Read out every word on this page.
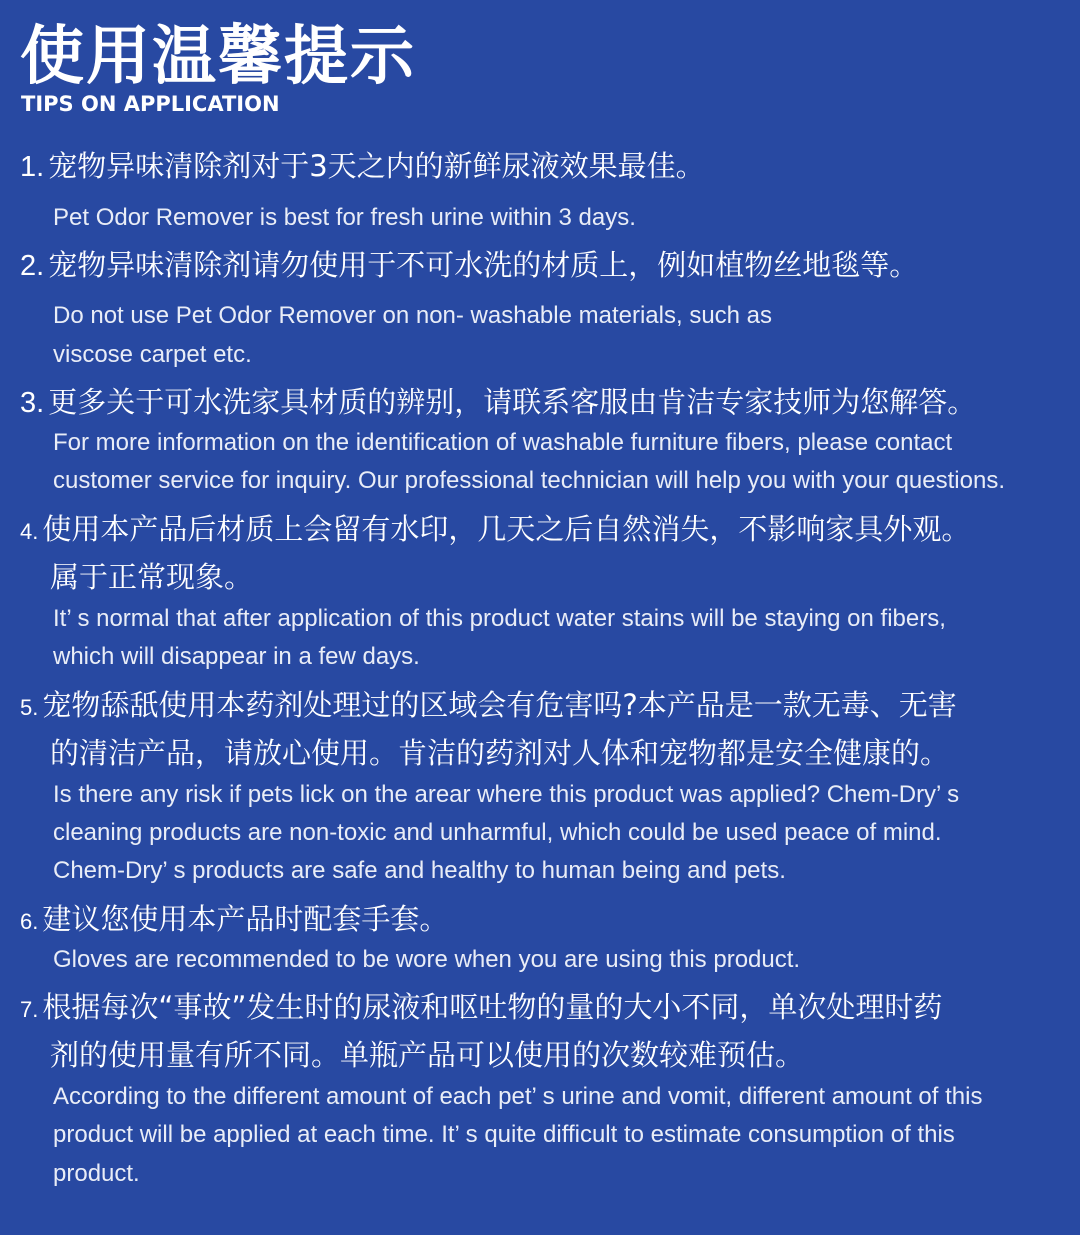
使用温馨提示
TIPS ON APPLICATION
1. 宠物异味清除剂对于3天之内的新鲜尿液效果最佳。
Pet Odor Remover is best for fresh urine within 3 days.
2. 宠物异味清除剂请勿使用于不可水洗的材质上，例如植物丝地毯等。
Do not use Pet Odor Remover on non- washable materials, such as
viscose carpet etc.
3. 更多关于可水洗家具材质的辨别，请联系客服由肯洁专家技师为您解答。
For more information on the identification of washable furniture fibers, please contact
customer service for inquiry. Our professional technician will help you with your questions.
4. 使用本产品后材质上会留有水印，几天之后自然消失，不影响家具外观。
属于正常现象。
It’ s normal that after application of this product water stains will be staying on fibers,
which will disappear in a few days.
5. 宠物舔舐使用本药剂处理过的区域会有危害吗?本产品是一款无毒、无害
的清洁产品，请放心使用。肯洁的药剂对人体和宠物都是安全健康的。
Is there any risk if pets lick on the arear where this product was applied? Chem-Dry’ s
cleaning products are non-toxic and unharmful, which could be used peace of mind.
Chem-Dry’ s products are safe and healthy to human being and pets.
6. 建议您使用本产品时配套手套。
Gloves are recommended to be wore when you are using this product.
7. 根据每次“事故”发生时的尿液和呕吐物的量的大小不同，单次处理时药
剂的使用量有所不同。单瓶产品可以使用的次数较难预估。
According to the different amount of each pet’ s urine and vomit, different amount of this
product will be applied at each time. It’ s quite difficult to estimate consumption of this
product.
